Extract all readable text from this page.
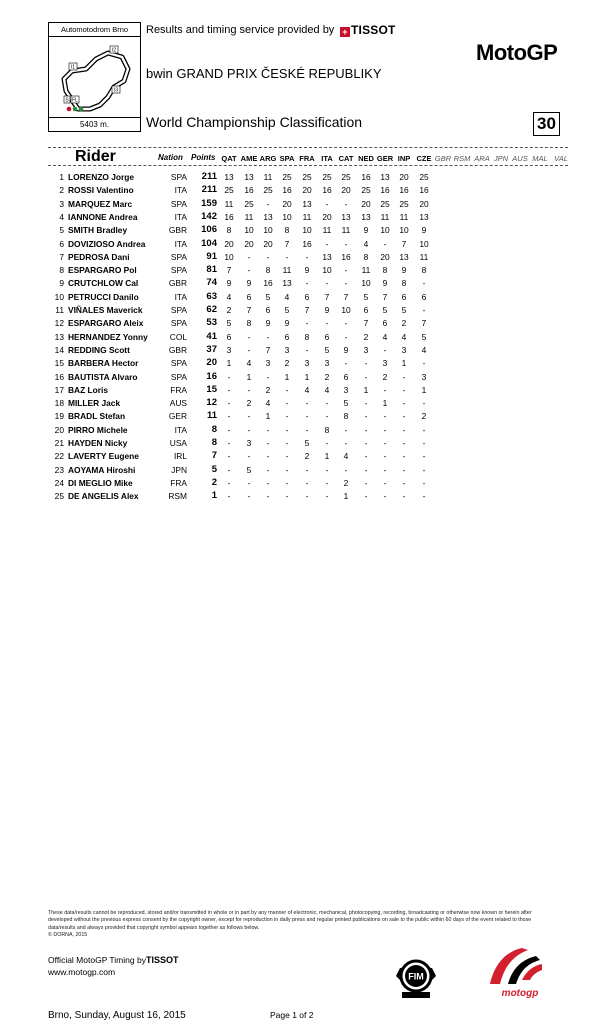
Automotodrom Brno
I2
I1
I3
S FL
5403 m.
Results and timing service provided by + TISSOT
MotoGP
bwin GRAND PRIX ČESKÉ REPUBLIKY
World Championship Classification	30
Rider	Nation Points QAT AME ARG SPA FRA ITA CAT NED GER INP CZE GBR RSM ARA JPN AUS MAL VAL
1 LORENZO Jorge	SPA	211 13 13 11 25 25 25 25 16 13 20 25
2 ROSSI Valentino	ITA	211 25 16 25 16 20 16 20 25 16 16 16
3 MARQUEZ Marc	SPA	159 11 25 - 20 13 - - 20 25 25 20
4 IANNONE Andrea	ITA	142 16 11 13 10 11 20 13 13 11 11 13
5 SMITH Bradley	GBR	106 8 10 10 8 10 11 11 9 10 10 9
6 DOVIZIOSO Andrea	ITA	104 20 20 20 7 16 - - 4 - 7 10
7 PEDROSA Dani	SPA	91 10 - - - - 13 16 8 20 13 11
8 ESPARGARO Pol	SPA	81 7 - 8 11 9 10 - 11 8 9 8
9 CRUTCHLOW Cal	GBR	74 9 9 16 13 - - - 10 9 8 -
10 PETRUCCI Danilo	ITA	63 4 6 5 4 6 7 7 5 7 6 6
11 VIÑALES Maverick	SPA	62 2 7 6 5 7 9 10 6 5 5 -
12 ESPARGARO Aleix	SPA	53 5 8 9 9 - - - 7 6 2 7
13 HERNANDEZ Yonny	COL	41 6 - - 6 8 6 - 2 4 4 5
14 REDDING Scott	GBR	37 3 - 7 3 - 5 9 3 - 3 4
15 BARBERA Hector	SPA	20 1 4 3 2 3 3 - - 3 1 -
16 BAUTISTA Alvaro	SPA	16 - 1 - 1 1 2 6 - 2 - 3
17 BAZ Loris	FRA	15 - - 2 - 4 4 3 1 - - 1
18 MILLER Jack	AUS	12 - 2 4 - - - 5 - 1 - -
19 BRADL Stefan	GER	11 - - 1 - - - 8 - - - 2
20 PIRRO Michele	ITA	8 - - - - - 8 - - - - -
21 HAYDEN Nicky	USA	8 - 3 - - 5 - - - - - -
22 LAVERTY Eugene	IRL	7 - - - - 2 1 4 - - - -
23 AOYAMA Hiroshi	JPN	5 - 5 - - - - - - - - -
24 DI MEGLIO Mike	FRA	2 - - - - - - 2 - - - -
25 DE ANGELIS Alex	RSM	1 - - - - - - 1 - - - -
These data/results cannot be reproduced, stored and/or transmitted in whole or in part by any manner of electronic, mechanical, photocopying, recording, broadcasting or otherwise now known or herein after developed without the previous express consent by the copyright owner, except for reproduction in daily press and regular printed publications on sale to the public within 60 days of the event related to those data/results and always provided that copyright symbol appears together as follows below.
© DORNA, 2015
Official MotoGP Timing byTISSOT
www.motogp.com
Brno, Sunday, August 16, 2015	Page 1 of 2
FIM
motogp
